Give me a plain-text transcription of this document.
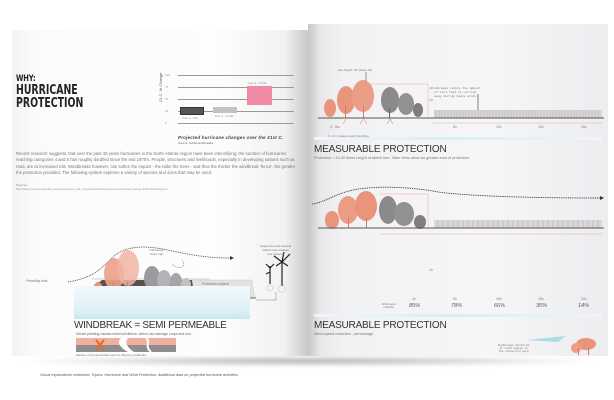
WHY:
HURRICANE
PROTECTION
21 C. % Change 100
75
50
25
0
Cat. 1 - 2nd	Cat. 2 - 3 2nd
Cat. 4 - 5 2nd
Projected hurricane changes over the 21st C.
Source: NASA windbreaks
Recent research suggests, that over the past 40 years hurricanes in the North Atlantic region have been intensifying; the number of hurricanes reaching categories 4 and 5 has roughly doubled since the mid 1970's. People, structures and livelihoods, especially in developing nations such as Haiti, are at increased risk. Windbreaks however, can soften the impact - the taller the trees - and thus the thicker the windbreak 'fence', the greater the protection provided. The following system explores a variety of species and sizes that may be used.
Sources:
http://www.ucsusa.org/global_warming/science_and_impacts/impacts/hurricanes-and-climate-change.html#.VHQnWpdrz-0
Prevailing wind
Turbulence
stays high
Protected cropland
Sugarcane and banana
plants have shallow
root systems
WINDBREAK = SEMI PERMEABLE
Dense planting causes wind turbulence, which can damage crops and soil.
Diagram of the appropriate gaps for effective windbreaks
tree height: 30 meters tall
Windbreaks reduce the amount
of soil that is carried
away during heavy winds
1x
3 - 5m	5x	10x	15x	20x
3 - 4 m. between each shrub/tree
MEASURABLE PROTECTION
Protection = 10-30 times height of tallest tree. Taller trees allow for greater area of protection.
1x
1x	5x	10x	15x	20x
Wind speed
reduction	85%	78%	66%	35%	14%
MEASURABLE PROTECTION
Wind-speed reduction - percentage.
Windbreaks should be
at right angles to
the prevailing wind
Visual explorations continued. Topics: Hurricane and Wind Protection. Additional data on projected hurricane activities.
